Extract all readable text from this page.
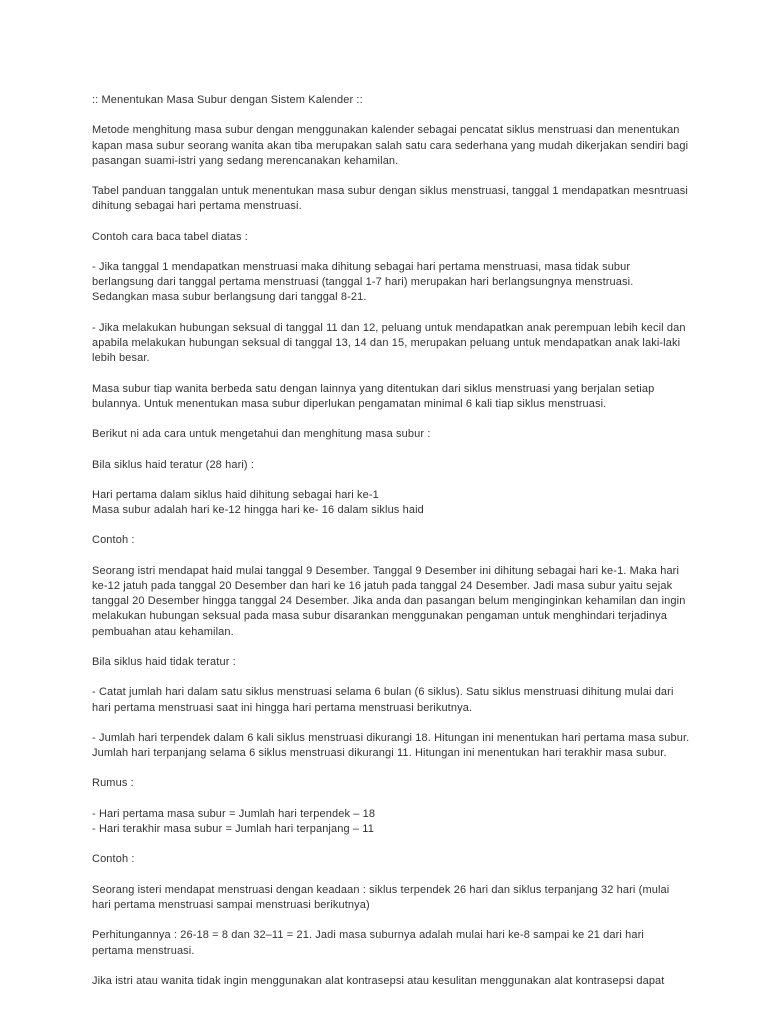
:: Menentukan Masa Subur dengan Sistem Kalender ::
Metode menghitung masa subur dengan menggunakan kalender sebagai pencatat siklus menstruasi dan menentukan
kapan masa subur seorang wanita akan tiba merupakan salah satu cara sederhana yang mudah dikerjakan sendiri bagi
pasangan suami-istri yang sedang merencanakan kehamilan.
Tabel panduan tanggalan untuk menentukan masa subur dengan siklus menstruasi, tanggal 1 mendapatkan mesntruasi
dihitung sebagai hari pertama menstruasi.
Contoh cara baca tabel diatas :
- Jika tanggal 1 mendapatkan menstruasi maka dihitung sebagai hari pertama menstruasi, masa tidak subur
berlangsung dari tanggal pertama menstruasi (tanggal 1-7 hari) merupakan hari berlangsungnya menstruasi.
Sedangkan masa subur berlangsung dari tanggal 8-21.
- Jika melakukan hubungan seksual di tanggal 11 dan 12, peluang untuk mendapatkan anak perempuan lebih kecil dan
apabila melakukan hubungan seksual di tanggal 13, 14 dan 15, merupakan peluang untuk mendapatkan anak laki-laki
lebih besar.
Masa subur tiap wanita berbeda satu dengan lainnya yang ditentukan dari siklus menstruasi yang berjalan setiap
bulannya. Untuk menentukan masa subur diperlukan pengamatan minimal 6 kali tiap siklus menstruasi.
Berikut ni ada cara untuk mengetahui dan menghitung masa subur :
Bila siklus haid teratur (28 hari) :
Hari pertama dalam siklus haid dihitung sebagai hari ke-1
Masa subur adalah hari ke-12 hingga hari ke- 16 dalam siklus haid
Contoh :
Seorang istri mendapat haid mulai tanggal 9 Desember. Tanggal 9 Desember ini dihitung sebagai hari ke-1. Maka hari
ke-12 jatuh pada tanggal 20 Desember dan hari ke 16 jatuh pada tanggal 24 Desember. Jadi masa subur yaitu sejak
tanggal 20 Desember hingga tanggal 24 Desember. Jika anda dan pasangan belum menginginkan kehamilan dan ingin
melakukan hubungan seksual pada masa subur disarankan menggunakan pengaman untuk menghindari terjadinya
pembuahan atau kehamilan.
Bila siklus haid tidak teratur :
- Catat jumlah hari dalam satu siklus menstruasi selama 6 bulan (6 siklus). Satu siklus menstruasi dihitung mulai dari
hari pertama menstruasi saat ini hingga hari pertama menstruasi berikutnya.
- Jumlah hari terpendek dalam 6 kali siklus menstruasi dikurangi 18. Hitungan ini menentukan hari pertama masa subur.
Jumlah hari terpanjang selama 6 siklus menstruasi dikurangi 11. Hitungan ini menentukan hari terakhir masa subur.
Rumus :
- Hari pertama masa subur = Jumlah hari terpendek – 18
- Hari terakhir masa subur = Jumlah hari terpanjang – 11
Contoh :
Seorang isteri mendapat menstruasi dengan keadaan : siklus terpendek 26 hari dan siklus terpanjang 32 hari (mulai
hari pertama menstruasi sampai menstruasi berikutnya)
Perhitungannya : 26-18 = 8 dan 32–11 = 21. Jadi masa suburnya adalah mulai hari ke-8 sampai ke 21 dari hari
pertama menstruasi.
Jika istri atau wanita tidak ingin menggunakan alat kontrasepsi atau kesulitan menggunakan alat kontrasepsi dapat
